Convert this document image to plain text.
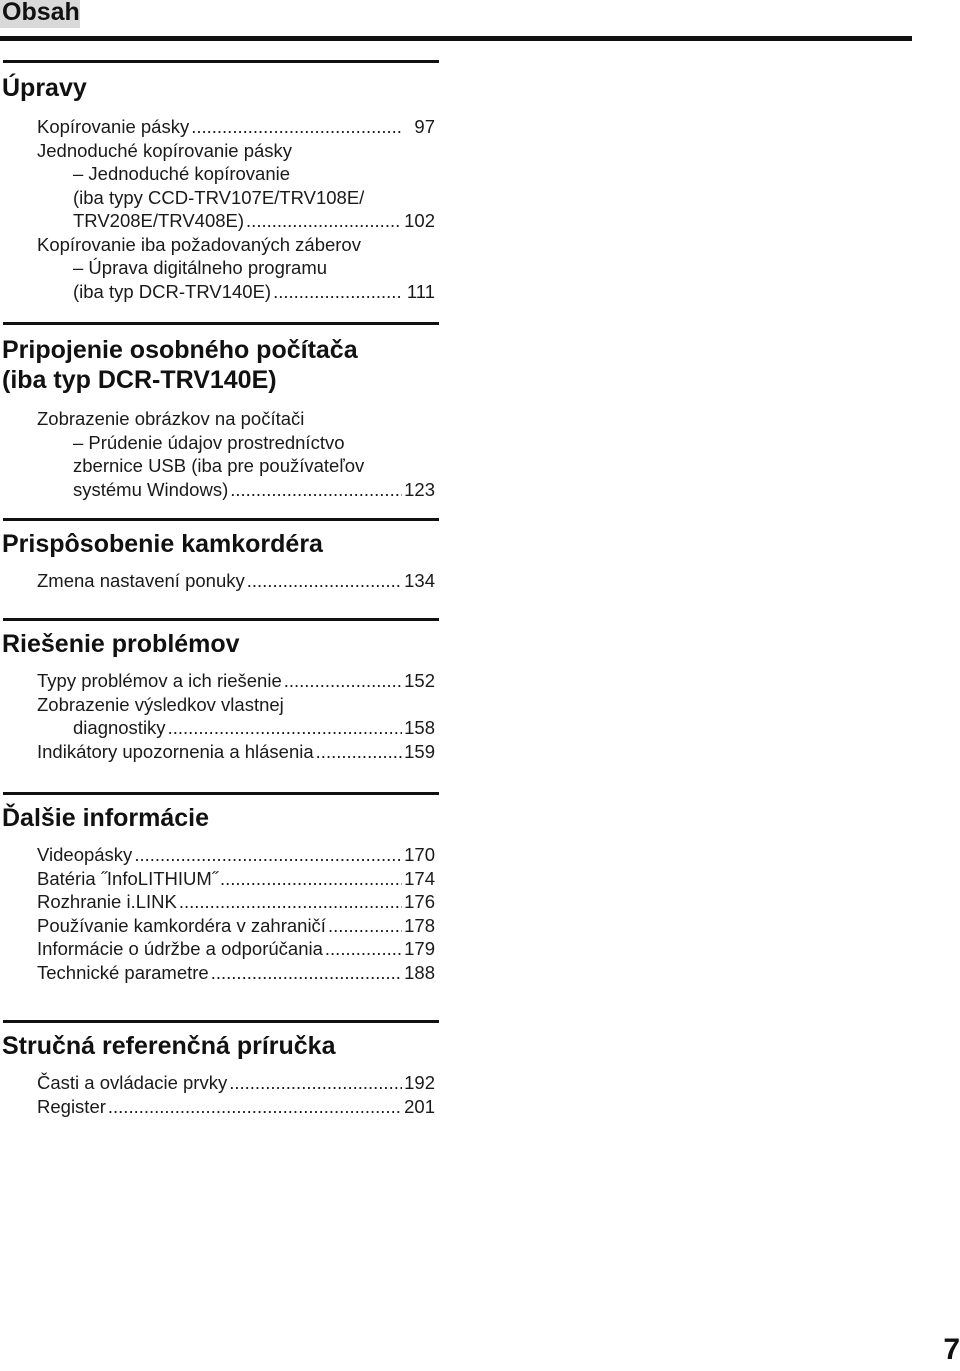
Obsah
Úpravy
Kopírovanie pásky .....	97
Jednoduché kopírovanie pásky
– Jednoduché kopírovanie
(iba typy CCD-TRV107E/TRV108E/
TRV208E/TRV408E) .....	102
Kopírovanie iba požadovaných záberov
– Úprava digitálneho programu
(iba typ DCR-TRV140E) .....	111
Pripojenie osobného počítača
(iba typ DCR-TRV140E)
Zobrazenie obrázkov na počítači
– Prúdenie údajov prostredníctvo
zbernice USB (iba pre používateľov
systému Windows) .....	123
Prispôsobenie kamkordéra
Zmena nastavení ponuky .....	134
Riešenie problémov
Typy problémov a ich riešenie .....	152
Zobrazenie výsledkov vlastnej
diagnostiky .....	158
Indikátory upozornenia a hlásenia .....	159
Ďalšie informácie
Videopásky .....	170
Batéria ˝InfoLITHIUM˝ .....	174
Rozhranie i.LINK .....	176
Používanie kamkordéra v zahraničí .....	178
Informácie o údržbe a odporúčania .....	179
Technické parametre .....	188
Stručná referenčná príručka
Časti a ovládacie prvky .....	192
Register .....	201
7
